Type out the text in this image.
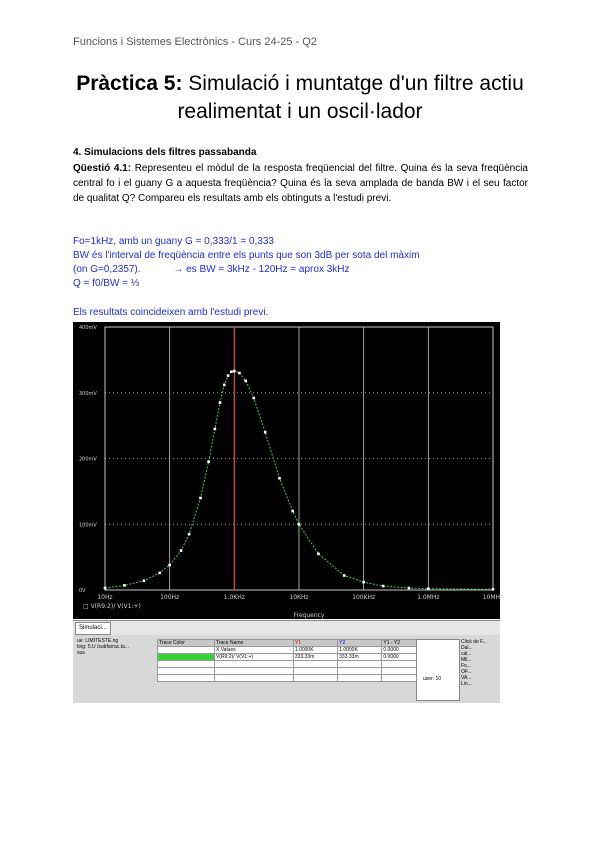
Funcions i Sistemes Electrònics - Curs 24-25 - Q2
Pràctica 5: Simulació i muntatge d'un filtre actiu
realimentat i un oscil·lador
4. Simulacions dels filtres passabanda
Qüestió 4.1: Representeu el mòdul de la resposta freqüencial del filtre. Quina és la seva freqüència central fo i el guany G a aquesta freqüència? Quina és la seva amplada de banda BW i el seu factor de qualitat Q? Compareu els resultats amb els obtinguts a l'estudi previ.
Fo=1kHz, amb un guany G = 0,333/1 = 0,333
BW és l'interval de freqüència entre els punts que son 3dB per sota del màxim
(on G=0,2357).	→ es BW = 3kHz - 120Hz = aprox 3kHz
Q = f0/BW = ⅓
Els resultats coincideixen amb l'estudi previ.
400mV
300mV
200mV
100mV
0V
10Hz	100Hz	1.0KHz	10KHz	100KHz	1.0MHz	10MHz
Frequency
□ V(R9:2)/ V(V1:+)
Simulaci...
ue: LIMITESTE.ng
ting: 5.U /subfarrac.ta...
sus
Trace Color	Trace Name	Y1	Y2	Y1 - Y2	
	X Values	1.0000K	1.0000K	0.0000	
	V(R9:2)/ V(V1:+)	333.33m	333.33m	0.0000	

user: 10
Click de F...
Dal...
cal...
Mil...
Fo...
OF...
VA...
Lin...
